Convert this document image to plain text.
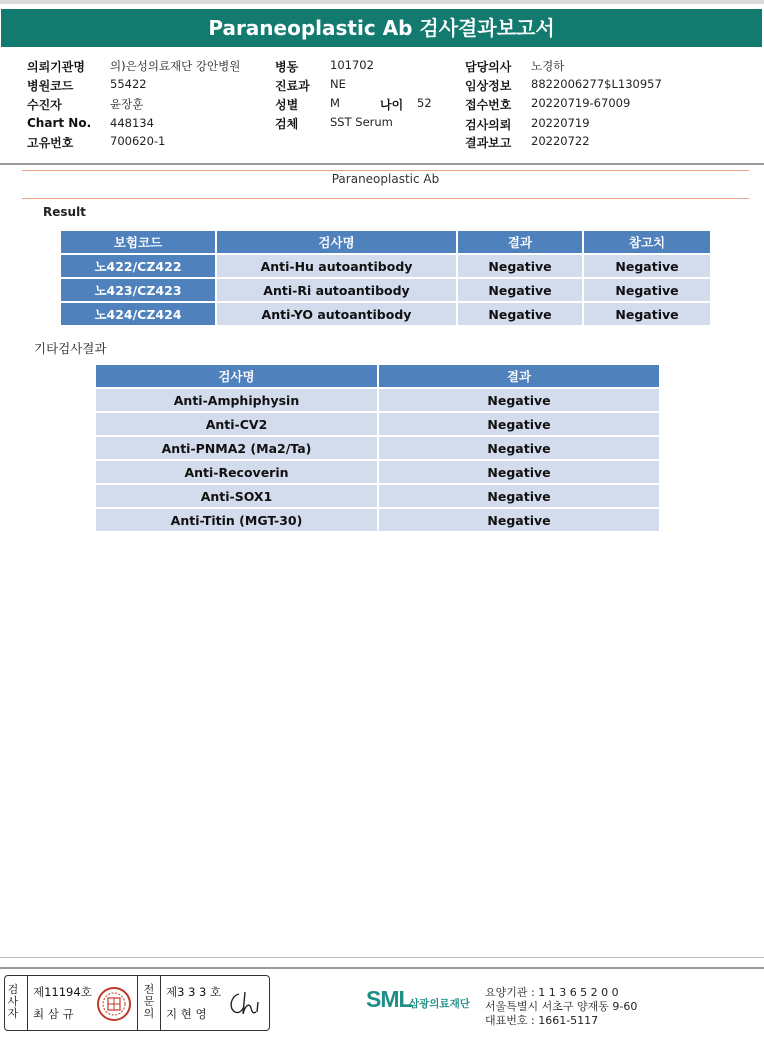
Paraneoplastic Ab 검사결과보고서
의뢰기관명 의)은성의료재단 강안병원
병원코드	55422
수진자	윤장훈
Chart No. 448134
고유번호	700620-1
병동	101702
진료과 NE
성별	M	나이 52
검체	SST Serum
담당의사 노경하
임상정보 8822006277$L130957
접수번호 20220719-67009
검사의뢰 20220719
결과보고 20220722
Paraneoplastic Ab
Result
보험코드	검사명	결과	참고치
노422/CZ422	Anti-Hu autoantibody	Negative	Negative
노423/CZ423	Anti-Ri autoantibody	Negative	Negative
노424/CZ424	Anti-YO autoantibody	Negative	Negative
기타검사결과
검사명	결과
Anti-Amphiphysin	Negative
Anti-CV2	Negative
Anti-PNMA2 (Ma2/Ta)	Negative
Anti-Recoverin	Negative
Anti-SOX1	Negative
Anti-Titin (MGT-30)	Negative
검사자
제11194호
최 삼 규
전문의
제3 3 3 호
지 현 영
SML
삼광의료재단
요양기관 : 1 1 3 6 5 2 0 0
서울특별시 서초구 양재동 9-60
대표번호 : 1661-5117
